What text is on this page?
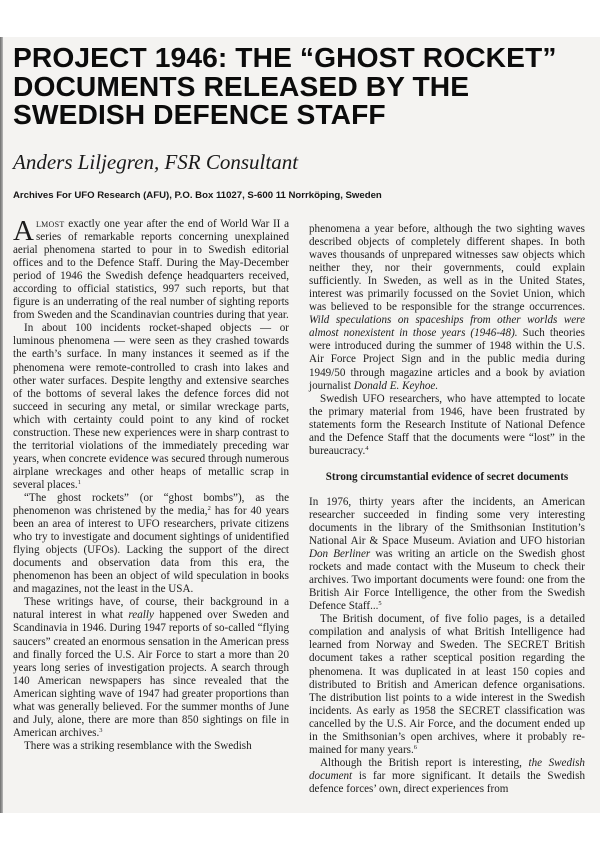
PROJECT 1946: THE “GHOST ROCKET”
DOCUMENTS RELEASED BY THE
SWEDISH DEFENCE STAFF
Anders Liljegren, FSR Consultant
Archives For UFO Research (AFU), P.O. Box 11027, S-600 11 Norrköping, Sweden

Almost exactly one year after the end of World War II a series of remarkable reports concerning unexplained aerial phenomena started to pour in to Swedish editorial offices and to the Defence Staff. During the May-December period of 1946 the Swedish defençe headquarters received, according to official statistics, 997 such reports, but that figure is an underrating of the real number of sighting reports from Sweden and the Scandinavian countries during that year.

In about 100 incidents rocket-shaped objects — or luminous phenomena — were seen as they crashed towards the earth’s surface. In many instances it seemed as if the phenomena were remote-controlled to crash into lakes and other water surfaces. Despite lengthy and extensive searches of the bottoms of several lakes the defence forces did not succeed in securing any metal, or similar wreckage parts, which with certainty could point to any kind of rocket construction. These new experiences were in sharp contrast to the territorial violations of the immediately preceding war years, when concrete evidence was secured through numerous airplane wreckages and other heaps of metallic scrap in several places.$^1$

“The ghost rockets” (or “ghost bombs”), as the phenomenon was christened by the media,$^2$ has for 40 years been an area of interest to UFO researchers, private citizens who try to investigate and document sightings of unidentified flying objects (UFOs). Lacking the support of the direct documents and observation data from this era, the phenomenon has been an object of wild speculation in books and magazines, not the least in the USA.

These writings have, of course, their background in a natural interest in what really happened over Sweden and Scandinavia in 1946. During 1947 reports of so-called “flying saucers” created an enormous sensation in the American press and finally forced the U.S. Air Force to start a more than 20 years long series of investigation projects. A search through 140 American newspapers has since revealed that the American sighting wave of 1947 had greater proportions than what was generally believed. For the summer months of June and July, alone, there are more than 850 sightings on file in American archives.$^3$

There was a striking resemblance with the Swedish

phenomena a year before, although the two sighting waves described objects of completely different shapes. In both waves thousands of unprepared witnesses saw objects which neither they, nor their governments, could explain sufficiently. In Sweden, as well as in the United States, interest was primarily focussed on the Soviet Union, which was believed to be responsible for the strange occurrences. Wild speculations on spaceships from other worlds were almost nonexistent in those years (1946-48). Such theories were introduced during the summer of 1948 within the U.S. Air Force Project Sign and in the public media during 1949/50 through magazine articles and a book by aviation journalist Donald E. Keyhoe.

Swedish UFO researchers, who have attempted to locate the primary material from 1946, have been frustrated by statements form the Research Institute of National Defence and the Defence Staff that the documents were “lost” in the bureaucracy.$^4$

Strong circumstantial evidence of secret documents

In 1976, thirty years after the incidents, an American researcher succeeded in finding some very interesting documents in the library of the Smithsonian Institution’s National Air & Space Museum. Aviation and UFO historian Don Berliner was writing an article on the Swedish ghost rockets and made contact with the Museum to check their archives. Two important documents were found: one from the British Air Force Intelligence, the other from the Swedish Defence Staff...$^5$

The British document, of five folio pages, is a detailed compilation and analysis of what British Intelligence had learned from Norway and Sweden. The SECRET British document takes a rather sceptical position regarding the phenomena. It was duplicated in at least 150 copies and distributed to British and American defence organisations. The distribution list points to a wide interest in the Swedish incidents. As early as 1958 the SECRET classification was cancelled by the U.S. Air Force, and the document ended up in the Smithsonian’s open archives, where it probably remained for many years.$^6$

Although the British report is interesting, the Swedish document is far more significant. It details the Swedish defence forces’ own, direct experiences from
